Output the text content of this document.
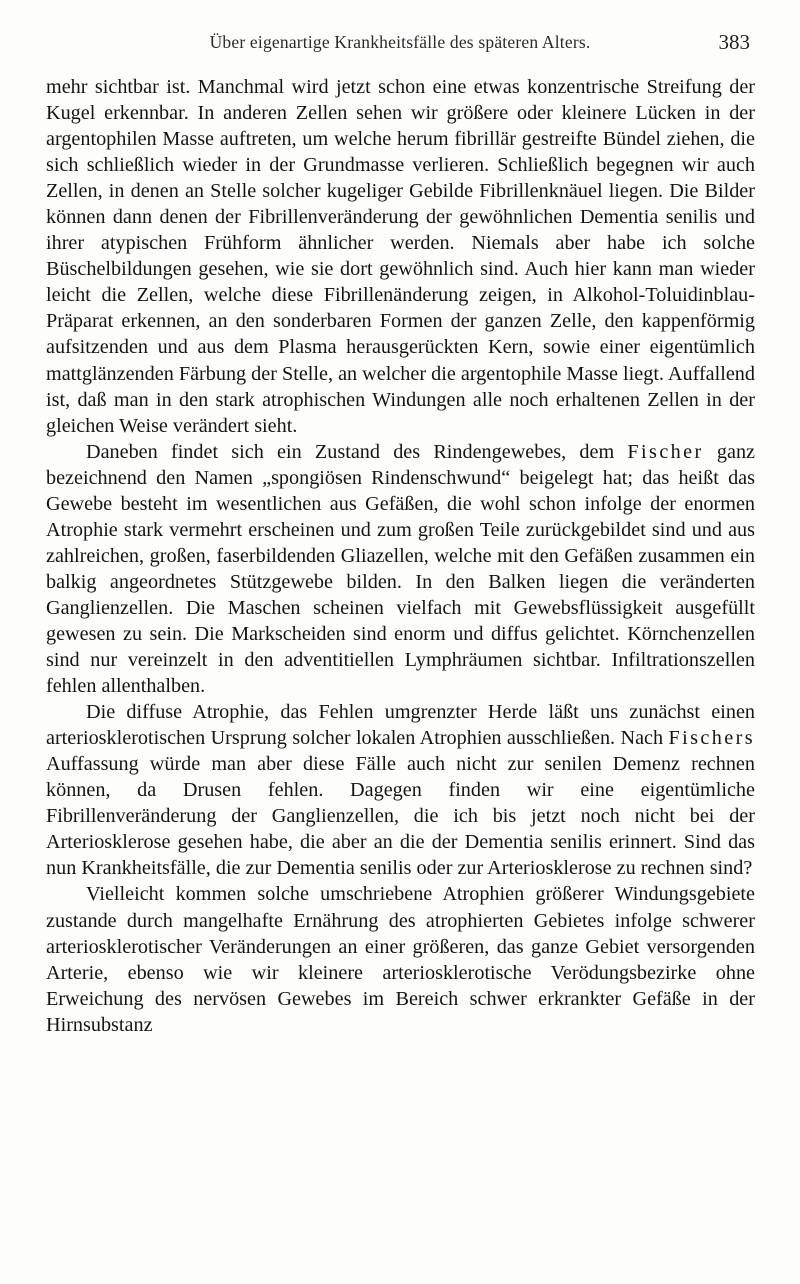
Über eigenartige Krankheitsfälle des späteren Alters.	383

mehr sichtbar ist. Manchmal wird jetzt schon eine etwas konzentrische Streifung der Kugel erkennbar. In anderen Zellen sehen wir größere oder kleinere Lücken in der argentophilen Masse auftreten, um welche herum fibrillär gestreifte Bündel ziehen, die sich schließlich wieder in der Grundmasse verlieren. Schließlich begegnen wir auch Zellen, in denen an Stelle solcher kugeliger Gebilde Fibrillenknäuel liegen. Die Bilder können dann denen der Fibrillenveränderung der gewöhnlichen Dementia senilis und ihrer atypischen Frühform ähnlicher werden. Niemals aber habe ich solche Büschelbildungen gesehen, wie sie dort gewöhnlich sind. Auch hier kann man wieder leicht die Zellen, welche diese Fibrillenänderung zeigen, in Alkohol-Toluidinblau-Präparat erkennen, an den sonderbaren Formen der ganzen Zelle, den kappenförmig aufsitzenden und aus dem Plasma herausgerückten Kern, sowie einer eigentümlich mattglänzenden Färbung der Stelle, an welcher die argentophile Masse liegt. Auffallend ist, daß man in den stark atrophischen Windungen alle noch erhaltenen Zellen in der gleichen Weise verändert sieht.

Daneben findet sich ein Zustand des Rindengewebes, dem Fischer ganz bezeichnend den Namen „spongiösen Rindenschwund“ beigelegt hat; das heißt das Gewebe besteht im wesentlichen aus Gefäßen, die wohl schon infolge der enormen Atrophie stark vermehrt erscheinen und zum großen Teile zurückgebildet sind und aus zahlreichen, großen, faserbildenden Gliazellen, welche mit den Gefäßen zusammen ein balkig angeordnetes Stützgewebe bilden. In den Balken liegen die veränderten Ganglienzellen. Die Maschen scheinen vielfach mit Gewebsflüssigkeit ausgefüllt gewesen zu sein. Die Markscheiden sind enorm und diffus gelichtet. Körnchenzellen sind nur vereinzelt in den adventitiellen Lymphräumen sichtbar. Infiltrationszellen fehlen allenthalben.

Die diffuse Atrophie, das Fehlen umgrenzter Herde läßt uns zunächst einen arteriosklerotischen Ursprung solcher lokalen Atrophien ausschließen. Nach Fischers Auffassung würde man aber diese Fälle auch nicht zur senilen Demenz rechnen können, da Drusen fehlen. Dagegen finden wir eine eigentümliche Fibrillenveränderung der Ganglienzellen, die ich bis jetzt noch nicht bei der Arteriosklerose gesehen habe, die aber an die der Dementia senilis erinnert. Sind das nun Krankheitsfälle, die zur Dementia senilis oder zur Arteriosklerose zu rechnen sind?

Vielleicht kommen solche umschriebene Atrophien größerer Windungsgebiete zustande durch mangelhafte Ernährung des atrophierten Gebietes infolge schwerer arteriosklerotischer Veränderungen an einer größeren, das ganze Gebiet versorgenden Arterie, ebenso wie wir kleinere arteriosklerotische Verödungsbezirke ohne Erweichung des nervösen Gewebes im Bereich schwer erkrankter Gefäße in der Hirnsubstanz
